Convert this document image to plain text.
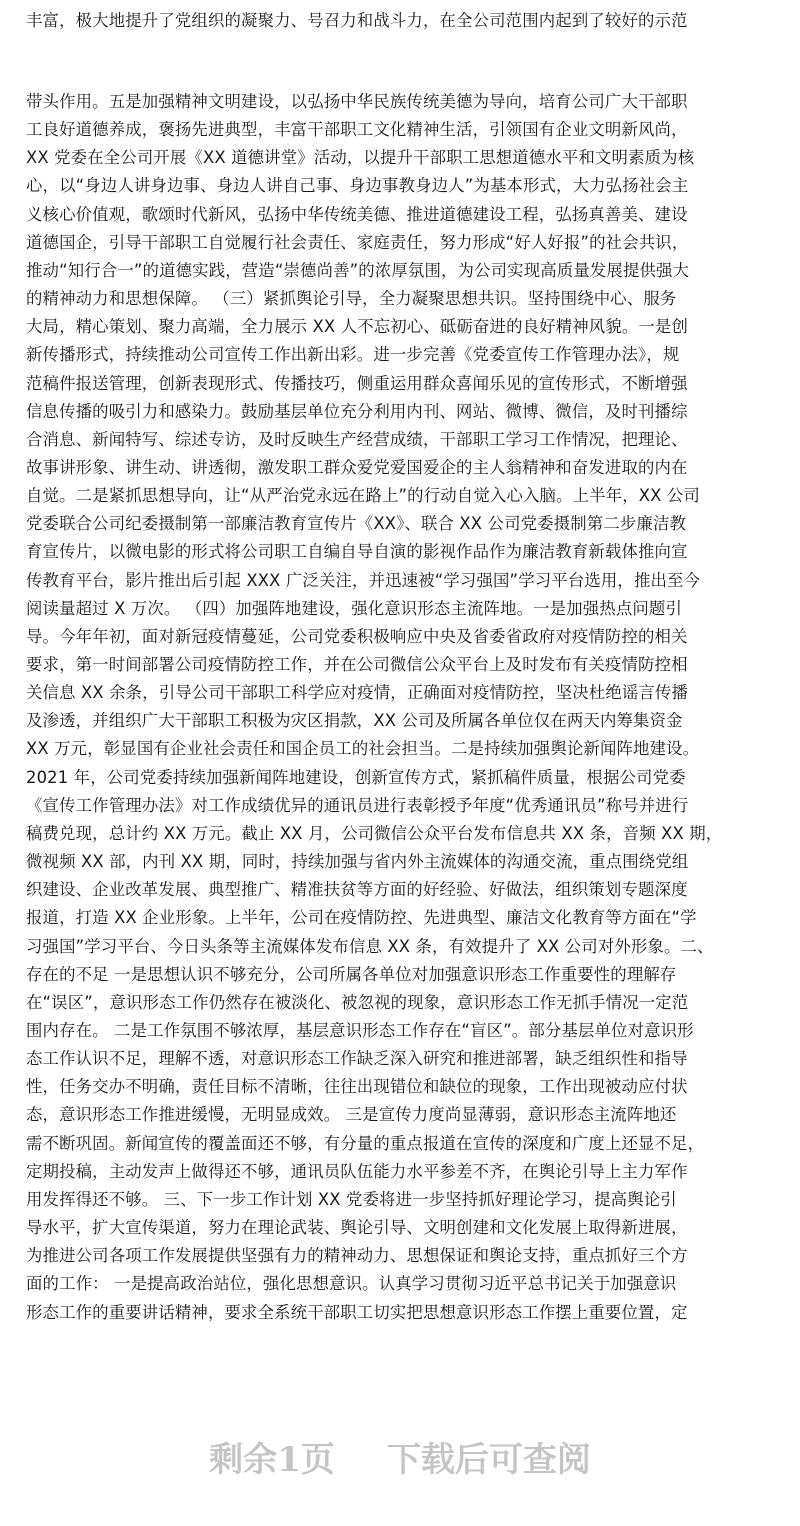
丰富，极大地提升了党组织的凝聚力、号召力和战斗力，在全公司范围内起到了较好的示范
带头作用。五是加强精神文明建设，以弘扬中华民族传统美德为导向，培育公司广大干部职
工良好道德养成，褒扬先进典型，丰富干部职工文化精神生活，引领国有企业文明新风尚，
XX 党委在全公司开展《XX 道德讲堂》活动，以提升干部职工思想道德水平和文明素质为核
心，以“身边人讲身边事、身边人讲自己事、身边事教身边人”为基本形式，大力弘扬社会主
义核心价值观，歌颂时代新风，弘扬中华传统美德、推进道德建设工程，弘扬真善美、建设
道德国企，引导干部职工自觉履行社会责任、家庭责任，努力形成“好人好报”的社会共识，
推动“知行合一”的道德实践，营造“崇德尚善”的浓厚氛围，为公司实现高质量发展提供强大
的精神动力和思想保障。 （三）紧抓舆论引导，全力凝聚思想共识。坚持围绕中心、服务
大局，精心策划、聚力高端，全力展示 XX 人不忘初心、砥砺奋进的良好精神风貌。一是创
新传播形式，持续推动公司宣传工作出新出彩。进一步完善《党委宣传工作管理办法》，规
范稿件报送管理，创新表现形式、传播技巧，侧重运用群众喜闻乐见的宣传形式，不断增强
信息传播的吸引力和感染力。鼓励基层单位充分利用内刊、网站、微博、微信，及时刊播综
合消息、新闻特写、综述专访，及时反映生产经营成绩，干部职工学习工作情况，把理论、
故事讲形象、讲生动、讲透彻，激发职工群众爱党爱国爱企的主人翁精神和奋发进取的内在
自觉。二是紧抓思想导向，让“从严治党永远在路上”的行动自觉入心入脑。上半年，XX 公司
党委联合公司纪委摄制第一部廉洁教育宣传片《XX》、联合 XX 公司党委摄制第二步廉洁教
育宣传片，以微电影的形式将公司职工自编自导自演的影视作品作为廉洁教育新载体推向宣
传教育平台，影片推出后引起 XXX 广泛关注，并迅速被“学习强国”学习平台选用，推出至今
阅读量超过 X 万次。 （四）加强阵地建设，强化意识形态主流阵地。一是加强热点问题引
导。今年年初，面对新冠疫情蔓延，公司党委积极响应中央及省委省政府对疫情防控的相关
要求，第一时间部署公司疫情防控工作，并在公司微信公众平台上及时发布有关疫情防控相
关信息 XX 余条，引导公司干部职工科学应对疫情，正确面对疫情防控，坚决杜绝谣言传播
及渗透，并组织广大干部职工积极为灾区捐款，XX 公司及所属各单位仅在两天内筹集资金
XX 万元，彰显国有企业社会责任和国企员工的社会担当。二是持续加强舆论新闻阵地建设。
2021 年，公司党委持续加强新闻阵地建设，创新宣传方式，紧抓稿件质量，根据公司党委
《宣传工作管理办法》对工作成绩优异的通讯员进行表彰授予年度“优秀通讯员”称号并进行
稿费兑现，总计约 XX 万元。截止 XX 月，公司微信公众平台发布信息共 XX 条，音频 XX 期，
微视频 XX 部，内刊 XX 期，同时，持续加强与省内外主流媒体的沟通交流，重点围绕党组
织建设、企业改革发展、典型推广、精准扶贫等方面的好经验、好做法，组织策划专题深度
报道，打造 XX 企业形象。上半年，公司在疫情防控、先进典型、廉洁文化教育等方面在“学
习强国”学习平台、今日头条等主流媒体发布信息 XX 条，有效提升了 XX 公司对外形象。二、
存在的不足 一是思想认识不够充分，公司所属各单位对加强意识形态工作重要性的理解存
在“误区”，意识形态工作仍然存在被淡化、被忽视的现象，意识形态工作无抓手情况一定范
围内存在。 二是工作氛围不够浓厚，基层意识形态工作存在“盲区”。部分基层单位对意识形
态工作认识不足，理解不透，对意识形态工作缺乏深入研究和推进部署，缺乏组织性和指导
性，任务交办不明确，责任目标不清晰，往往出现错位和缺位的现象，工作出现被动应付状
态，意识形态工作推进缓慢，无明显成效。 三是宣传力度尚显薄弱，意识形态主流阵地还
需不断巩固。新闻宣传的覆盖面还不够，有分量的重点报道在宣传的深度和广度上还显不足，
定期投稿，主动发声上做得还不够，通讯员队伍能力水平参差不齐，在舆论引导上主力军作
用发挥得还不够。 三、下一步工作计划 XX 党委将进一步坚持抓好理论学习，提高舆论引
导水平，扩大宣传渠道，努力在理论武装、舆论引导、文明创建和文化发展上取得新进展，
为推进公司各项工作发展提供坚强有力的精神动力、思想保证和舆论支持，重点抓好三个方
面的工作： 一是提高政治站位，强化思想意识。认真学习贯彻习近平总书记关于加强意识
形态工作的重要讲话精神，要求全系统干部职工切实把思想意识形态工作摆上重要位置，定
剩余1页 下载后可查阅
